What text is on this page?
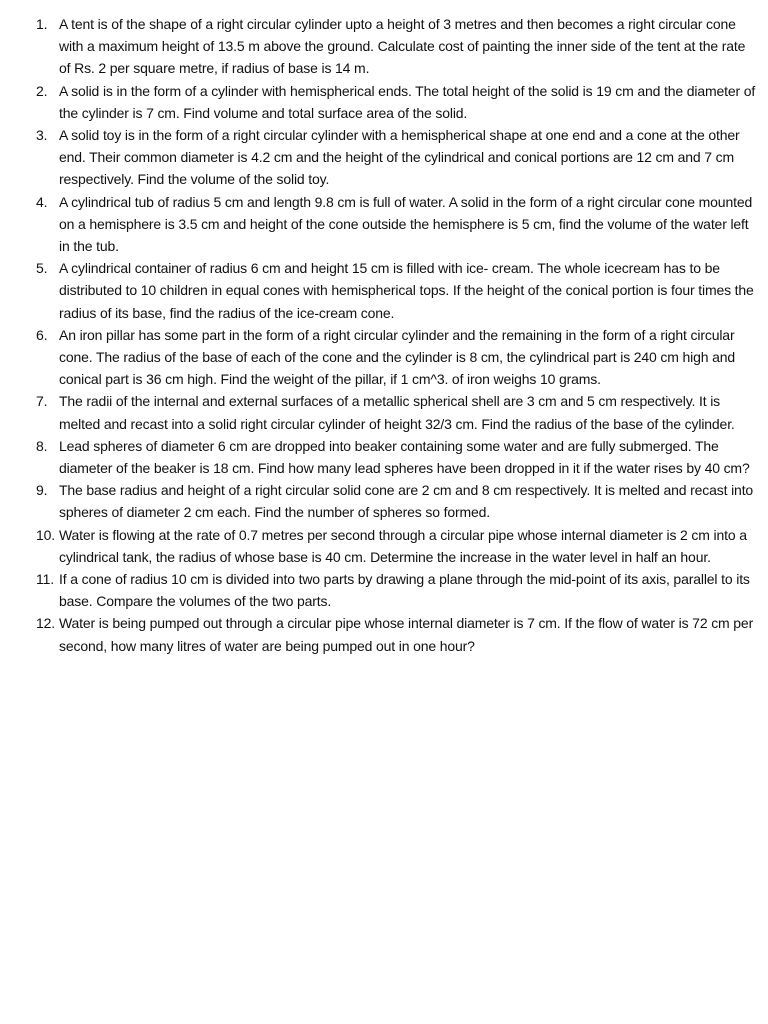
1. A tent is of the shape of a right circular cylinder upto a height of 3 metres and then becomes a right circular cone with a maximum height of 13.5 m above the ground. Calculate cost of painting the inner side of the tent at the rate of Rs. 2 per square metre, if radius of base is 14 m.
2. A solid is in the form of a cylinder with hemispherical ends. The total height of the solid is 19 cm and the diameter of the cylinder is 7 cm. Find volume and total surface area of the solid.
3. A solid toy is in the form of a right circular cylinder with a hemispherical shape at one end and a cone at the other end. Their common diameter is 4.2 cm and the height of the cylindrical and conical portions are 12 cm and 7 cm respectively. Find the volume of the solid toy.
4. A cylindrical tub of radius 5 cm and length 9.8 cm is full of water. A solid in the form of a right circular cone mounted on a hemisphere is 3.5 cm and height of the cone outside the hemisphere is 5 cm, find the volume of the water left in the tub.
5. A cylindrical container of radius 6 cm and height 15 cm is filled with ice- cream. The whole icecream has to be distributed to 10 children in equal cones with hemispherical tops. If the height of the conical portion is four times the radius of its base, find the radius of the ice-cream cone.
6. An iron pillar has some part in the form of a right circular cylinder and the remaining in the form of a right circular cone. The radius of the base of each of the cone and the cylinder is 8 cm, the cylindrical part is 240 cm high and conical part is 36 cm high. Find the weight of the pillar, if 1 cm^3. of iron weighs 10 grams.
7. The radii of the internal and external surfaces of a metallic spherical shell are 3 cm and 5 cm respectively. It is melted and recast into a solid right circular cylinder of height 32/3 cm. Find the radius of the base of the cylinder.
8. Lead spheres of diameter 6 cm are dropped into beaker containing some water and are fully submerged. The diameter of the beaker is 18 cm. Find how many lead spheres have been dropped in it if the water rises by 40 cm?
9. The base radius and height of a right circular solid cone are 2 cm and 8 cm respectively. It is melted and recast into spheres of diameter 2 cm each. Find the number of spheres so formed.
10. Water is flowing at the rate of 0.7 metres per second through a circular pipe whose internal diameter is 2 cm into a cylindrical tank, the radius of whose base is 40 cm. Determine the increase in the water level in half an hour.
11. If a cone of radius 10 cm is divided into two parts by drawing a plane through the mid-point of its axis, parallel to its base. Compare the volumes of the two parts.
12. Water is being pumped out through a circular pipe whose internal diameter is 7 cm. If the flow of water is 72 cm per second, how many litres of water are being pumped out in one hour?
